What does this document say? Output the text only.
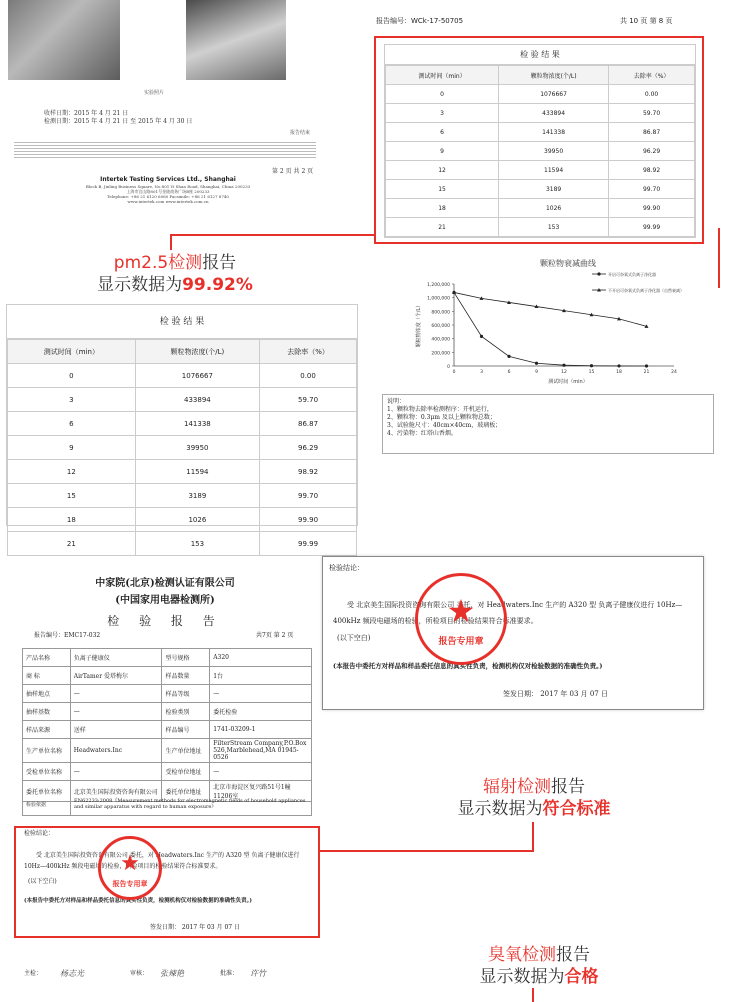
实验照片
收样日期：2015 年 4 月 21 日
检测日期：2015 年 4 月 21 日 至 2015 年 4 月 30 日
报告结束
第 2 页 共 2 页
Intertek Testing Services Ltd., Shanghai
Block B, Jinling Business Square, No.801 Yi Shan Road, Shanghai, China 200233
上海市宜山路801号金陵商务广场B座 200233
Telephone: +86 21 6120 6060 Facsimile: +86 21 6127 8740
www.intertek.com www.intertek.com.cn
报告编号：WCk-17-50705	共 10 页 第 8 页
检 验 结 果
测试时间（min）	颗粒物浓度(个/L)	去除率（%）
0	1076667	0.00
3	433894	59.70
6	141338	86.87
9	39950	96.29
12	11594	98.92
15	3189	99.70
18	1026	99.90
21	153	99.99
颗粒物衰减曲线
0
200,000
400,000
600,000
800,000
1,000,000
1,200,000
0	3	6	9	12	15	18	21	24
测试时间（min）
颗粒物浓度（个/L）
开启可奈氧式负离子净化器
不开启可奈氧式负离子净化器（自然衰减）
说明：
1、颗粒物去除率检测程序：开机运行，
2、颗粒物：0.3μm 及以上颗粒物总数；
3、试验舱尺寸：40cm×40cm，玻璃板；
4、污染物：红塔山香烟。
pm2.5检测报告
显示数据为99.92%
检 验 结 果
测试时间（min）	颗粒物浓度(个/L)	去除率（%）
0	1076667	0.00
3	433894	59.70
6	141338	86.87
9	39950	96.29
12	11594	98.92
15	3189	99.70
18	1026	99.90
21	153	99.99
中家院(北京)检测认证有限公司
(中国家用电器检测所)
检 验 报 告
报告编号：EMC17-032	共7页 第 2 页
产品名称	负离子健康仪	型号规格	A320
商 标	AirTamer 爱塔梅尔	样品数量	1台
抽样地点	—	样品等级	—
抽样基数	—	检验类别	委托检验
样品来源	送样	样品编号	1741-03209-1
生产单位名称	Headwaters.Inc	生产单位地址	FilterStream Company,P.O.Box 526,Marblehead,MA 01945-0526
受检单位名称	—	受检单位地址	—
委托单位名称	北京美生国际投资咨询有限公司	委托单位地址	北京市海淀区复兴路51号1幢11206室
检验依据
EN62233:2008《Measurement methods for electromagnetic fields of household appliances and similar apparatus with regard to human exposure》
检验结论：
受 北京美生国际投资咨询有限公司 委托，对 Headwaters.Inc 生产的 A320 型 负离子健康仪进行 10Hz—400kHz 频段电磁场的检验，所检项目的检验结果符合标准要求。
(以下空白)
(本报告中委托方对样品和样品委托信息的真实性负责，检测机构仅对检验数据的准确性负责。)
签发日期： 2017 年 03 月 07 日
★
报告专用章
主检：	杨志光	审核：	张辣艳	批准：	许竹
检验结论：
受 北京美生国际投资咨询有限公司 委托，对 Headwaters.Inc 生产的 A320 型 负离子健康仪进行 10Hz—400kHz 频段电磁场的检验，所检项目的检验结果符合标准要求。
(以下空白)
(本报告中委托方对样品和样品委托信息的真实性负责，检测机构仅对检验数据的准确性负责。)
签发日期： 2017 年 03 月 07 日
★
报告专用章
辐射检测报告
显示数据为符合标准
臭氧检测报告
显示数据为合格
